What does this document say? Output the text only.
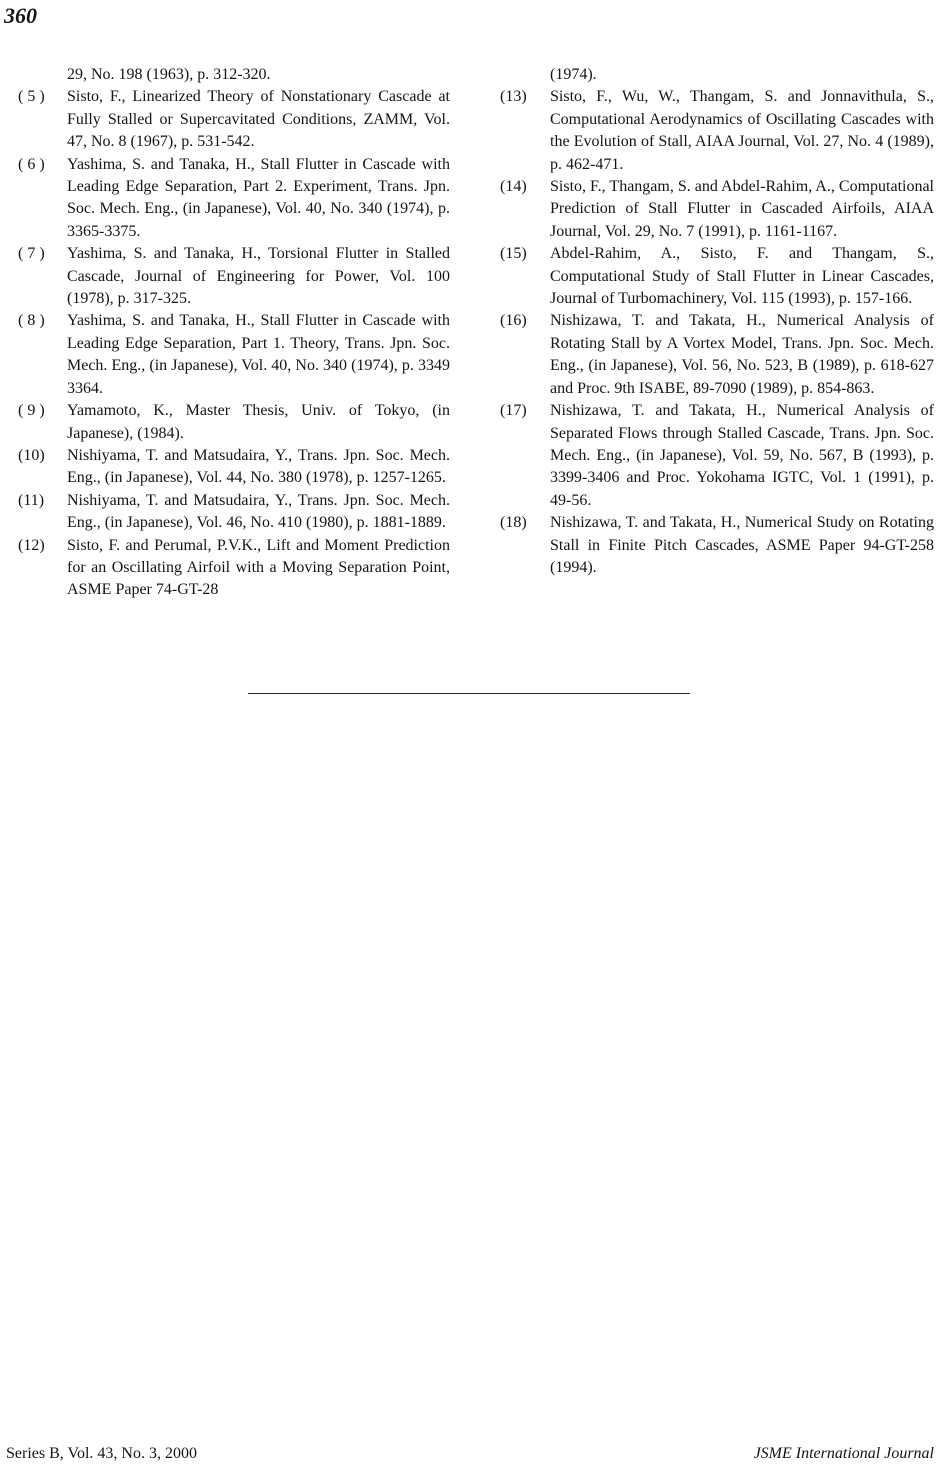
360
29, No. 198 (1963), p. 312-320.
( 5 )	Sisto, F., Linearized Theory of Nonstationary Cascade at Fully Stalled or Supercavitated Conditions, ZAMM, Vol. 47, No. 8 (1967), p. 531-542.
( 6 )	Yashima, S. and Tanaka, H., Stall Flutter in Cascade with Leading Edge Separation, Part 2. Experiment, Trans. Jpn. Soc. Mech. Eng., (in Japanese), Vol. 40, No. 340 (1974), p. 3365-3375.
( 7 )	Yashima, S. and Tanaka, H., Torsional Flutter in Stalled Cascade, Journal of Engineering for Power, Vol. 100 (1978), p. 317-325.
( 8 )	Yashima, S. and Tanaka, H., Stall Flutter in Cascade with Leading Edge Separation, Part 1. Theory, Trans. Jpn. Soc. Mech. Eng., (in Japanese), Vol. 40, No. 340 (1974), p. 3349 3364.
( 9 )	Yamamoto, K., Master Thesis, Univ. of Tokyo, (in Japanese), (1984).
(10)	Nishiyama, T. and Matsudaira, Y., Trans. Jpn. Soc. Mech. Eng., (in Japanese), Vol. 44, No. 380 (1978), p. 1257-1265.
(11)	Nishiyama, T. and Matsudaira, Y., Trans. Jpn. Soc. Mech. Eng., (in Japanese), Vol. 46, No. 410 (1980), p. 1881-1889.
(12)	Sisto, F. and Perumal, P.V.K., Lift and Moment Prediction for an Oscillating Airfoil with a Moving Separation Point, ASME Paper 74-GT-28
(1974).
(13)	Sisto, F., Wu, W., Thangam, S. and Jonnavithula, S., Computational Aerodynamics of Oscillating Cascades with the Evolution of Stall, AIAA Journal, Vol. 27, No. 4 (1989), p. 462-471.
(14)	Sisto, F., Thangam, S. and Abdel-Rahim, A., Computational Prediction of Stall Flutter in Cascaded Airfoils, AIAA Journal, Vol. 29, No. 7 (1991), p. 1161-1167.
(15)	Abdel-Rahim, A., Sisto, F. and Thangam, S., Computational Study of Stall Flutter in Linear Cascades, Journal of Turbomachinery, Vol. 115 (1993), p. 157-166.
(16)	Nishizawa, T. and Takata, H., Numerical Analysis of Rotating Stall by A Vortex Model, Trans. Jpn. Soc. Mech. Eng., (in Japanese), Vol. 56, No. 523, B (1989), p. 618-627 and Proc. 9th ISABE, 89-7090 (1989), p. 854-863.
(17)	Nishizawa, T. and Takata, H., Numerical Analysis of Separated Flows through Stalled Cascade, Trans. Jpn. Soc. Mech. Eng., (in Japanese), Vol. 59, No. 567, B (1993), p. 3399-3406 and Proc. Yokohama IGTC, Vol. 1 (1991), p. 49-56.
(18)	Nishizawa, T. and Takata, H., Numerical Study on Rotating Stall in Finite Pitch Cascades, ASME Paper 94-GT-258 (1994).
Series B, Vol. 43, No. 3, 2000	JSME International Journal
